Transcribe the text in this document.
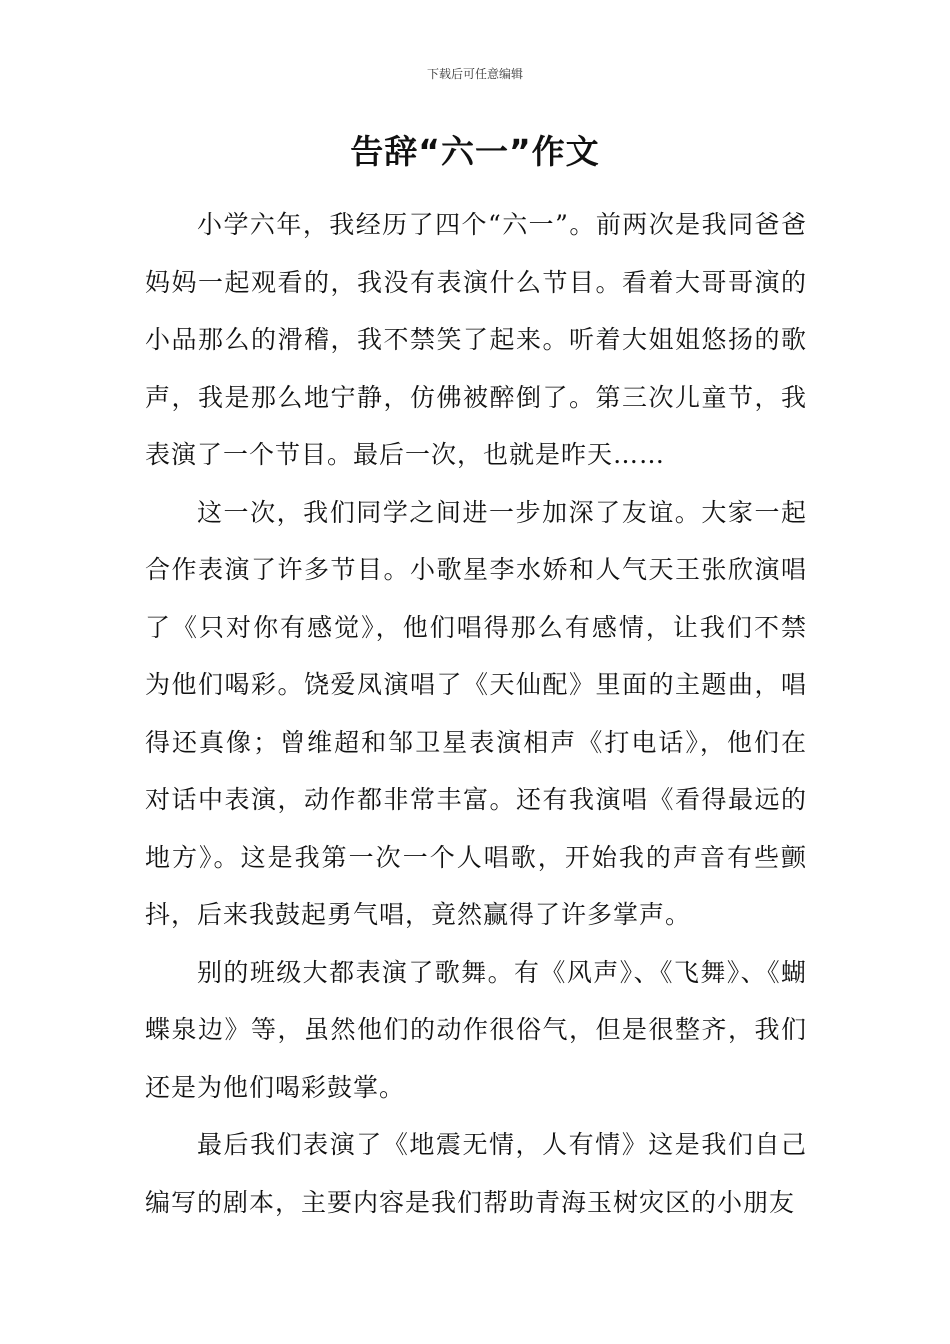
下载后可任意编辑
告辞“六一”作文

小学六年，我经历了四个“六一”。前两次是我同爸爸妈妈一起观看的，我没有表演什么节目。看着大哥哥演的小品那么的滑稽，我不禁笑了起来。听着大姐姐悠扬的歌声，我是那么地宁静，仿佛被醉倒了。第三次儿童节，我表演了一个节目。最后一次，也就是昨天……

这一次，我们同学之间进一步加深了友谊。大家一起合作表演了许多节目。小歌星李水娇和人气天王张欣演唱了《只对你有感觉》，他们唱得那么有感情，让我们不禁为他们喝彩。饶爱凤演唱了《天仙配》里面的主题曲，唱得还真像；曾维超和邹卫星表演相声《打电话》，他们在对话中表演，动作都非常丰富。还有我演唱《看得最远的地方》。这是我第一次一个人唱歌，开始我的声音有些颤抖，后来我鼓起勇气唱，竟然赢得了许多掌声。

别的班级大都表演了歌舞。有《风声》、《飞舞》、《蝴蝶泉边》等，虽然他们的动作很俗气，但是很整齐，我们还是为他们喝彩鼓掌。

最后我们表演了《地震无情，人有情》这是我们自己编写的剧本，主要内容是我们帮助青海玉树灾区的小朋友
